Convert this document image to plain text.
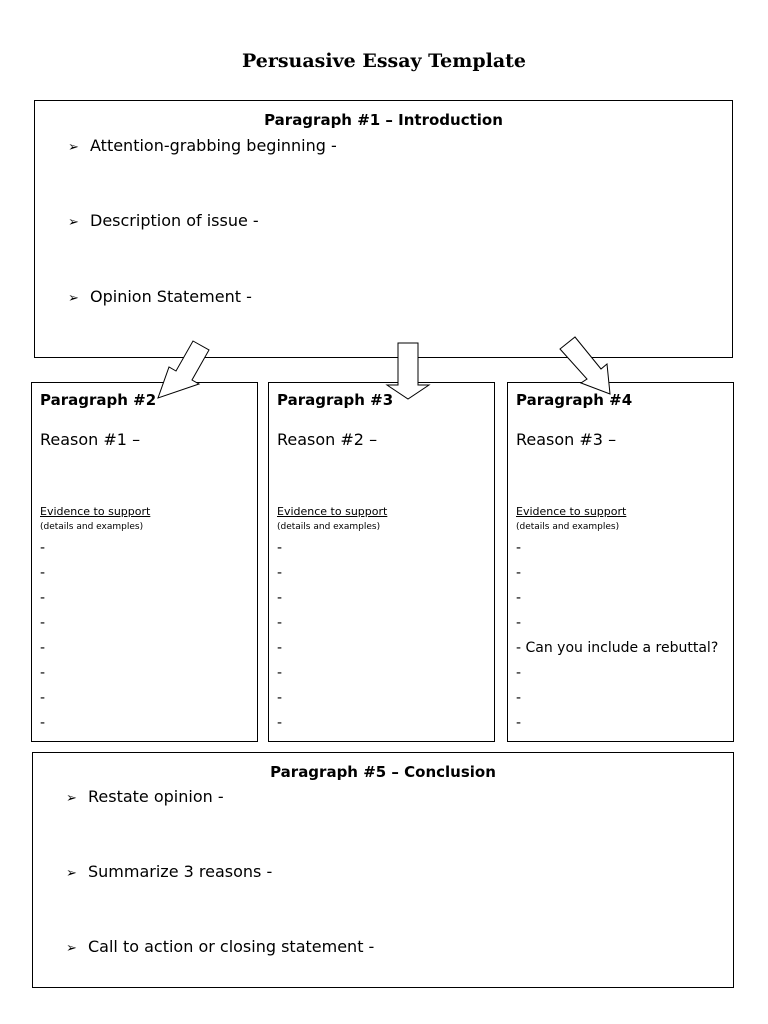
Persuasive Essay Template
Paragraph #1 – Introduction
➢ Attention-grabbing beginning -
➢ Description of issue -
➢ Opinion Statement -
Paragraph #2
Reason #1 –
Evidence to support
(details and examples)
-
-
-
-
-
-
-
-
Paragraph #3
Reason #2 –
Evidence to support
(details and examples)
-
-
-
-
-
-
-
-
Paragraph #4
Reason #3 –
Evidence to support
(details and examples)
-
-
-
-
- Can you include a rebuttal?
-
-
-
Paragraph #5 – Conclusion
➢ Restate opinion -
➢ Summarize 3 reasons -
➢ Call to action or closing statement -
